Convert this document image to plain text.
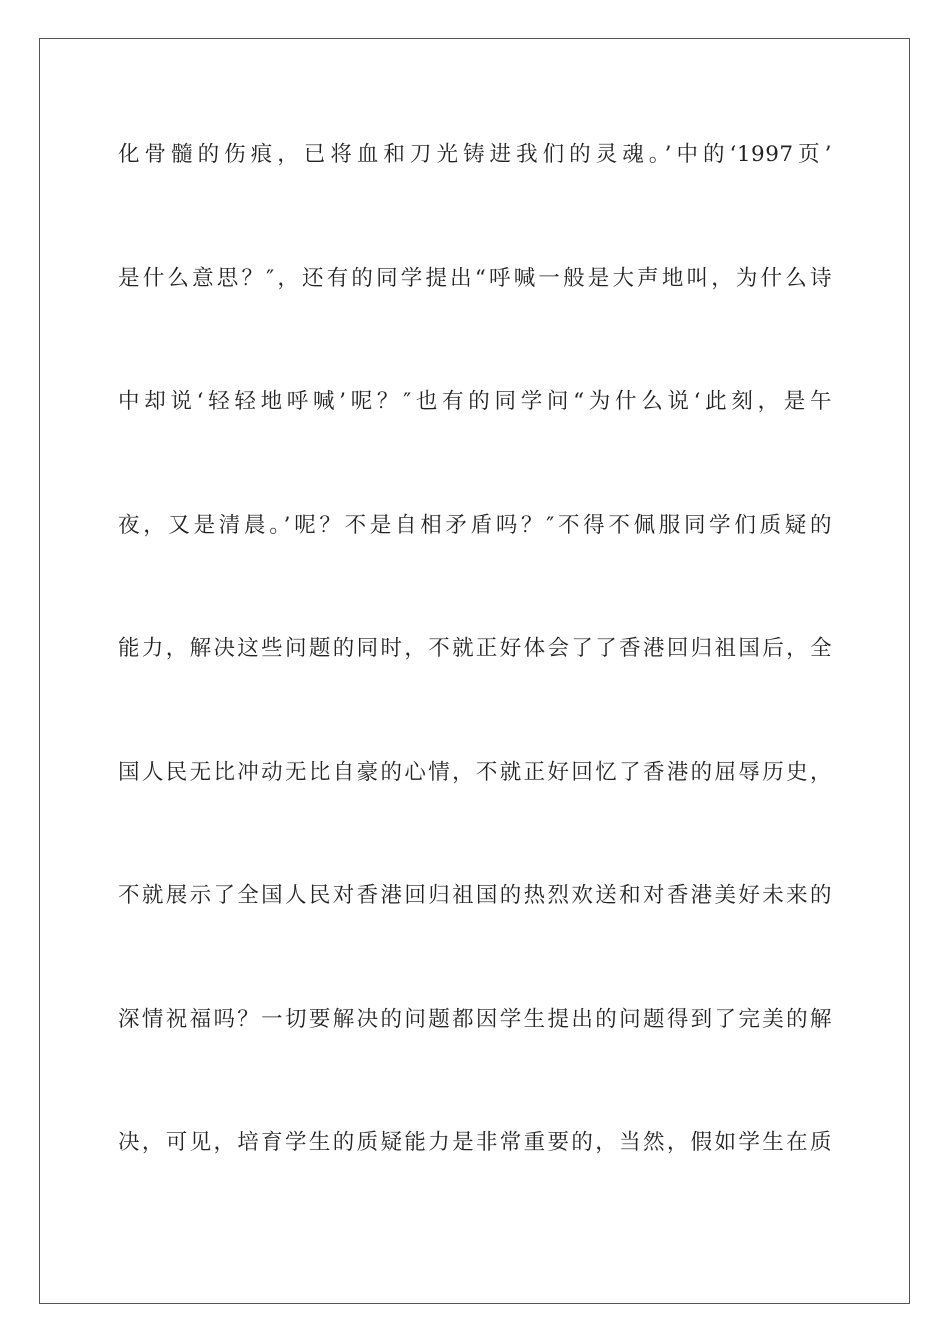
化骨髓的伤痕，已将血和刀光铸进我们的灵魂。’中的‘1997页’
是什么意思？″，还有的同学提出“呼喊一般是大声地叫，为什么诗
中却说‘轻轻地呼喊’呢？″也有的同学问“为什么说‘此刻，是午
夜，又是清晨。’呢？不是自相矛盾吗？″不得不佩服同学们质疑的
能力，解决这些问题的同时，不就正好体会了了香港回归祖国后，全
国人民无比冲动无比自豪的心情，不就正好回忆了香港的屈辱历史，
不就展示了全国人民对香港回归祖国的热烈欢送和对香港美好未来的
深情祝福吗？一切要解决的问题都因学生提出的问题得到了完美的解
决，可见，培育学生的质疑能力是非常重要的，当然，假如学生在质
